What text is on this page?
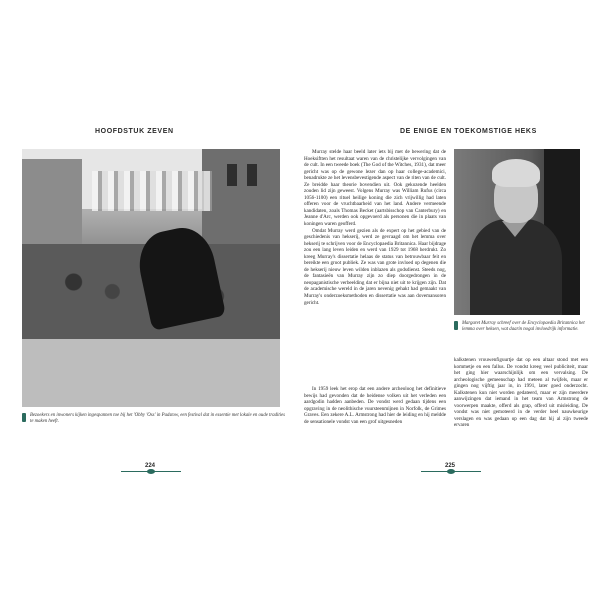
HOOFDSTUK ZEVEN
Bezoekers en inwoners kijken ingespannen toe bij het 'Obby 'Oss' in Padstow, een festival dat in essentie met lokale en oude tradities te maken heeft.
224
DE ENIGE EN TOEKOMSTIGE HEKS

Murray stelde haar beeld later iets bij met de bewering dat de Hoeksiftten het resultaat waren van de christelijke vervolgingen van de cult. In een tweede boek (The God of the Witches, 1931), dat meer gericht was op de gewone lezer dan op haar college-academici, benadrukte ze het levensbevestigende aspect van de riten van de cult. Ze breidde haar theorie bovendien uit. Ook gekozende heelden zouden lid zijn geweest. Volgens Murray was William Rufus (circa 1056-1100) een rituel heilige koning die zich vrijwillig had laten offeren voor de vruchtbaarheid van het land. Andere vermeende kandidaten, zoals Thomas Becket (aartsbisschop van Canterbury) en Jeanne d'Arc, werden ook opgevoerd als personen die in plaats van koningen waren geofferd.

Omdat Murray werd gezien als de expert op het gebied van de geschiedenis van hekserij, werd ze gevraagd om het lemma over hekserij te schrijven voor de Encyclopaedia Britannica. Haar bijdrage zou een lang leven leiden en werd van 1929 tot 1968 herdrukt. Zo kreeg Murray's dissertatie helaas de status van betrouwbaar feit en bereikte een groot publiek. Ze was van grote invloed op degenen die de hekserij nieuw leven wilden inblazen als godsdienst. Steeds nog, de fantasieën van Murray zijn zo diep doorgedrongen in de neopaganistische verbeelding dat er bijna niet uit te krijgen zijn. Dat de academische wereld in de jaren nevenig gehakt had gemaakt van Murray's onderzoeksmethoden en dissertatie was aan dovemansoren gericht.

In 1959 leek het erop dat een andere archeoloog het definitieve bewijs had gevonden dat de heidense volken uit het verleden een aardgodin hadden aanbeden. De vondst werd gedaan tijdens een opgraving in de neolithische vuursteenmijnen in Norfolk, de Grimes Graves. Een zekere A.L. Armstrong had hier de leiding en hij meldde de sensationele vondst van een grof uitgesneden

Margaret Murray schreef over de Encyclopaedia Britannica het lemma over heksen, wat daarin nogal invloedrijk informatie.

kalkstenen vrouwenfiguurtje dat op een altaar stond met een kommetje en een fallus. De vondst kreeg veel publiciteit, maar het ging hier waarschijnlijk om een vervalsing. De archeologische gemeenschap had meteen al twijfels, maar er gingen nog vijftig jaar in, in 1991, later goed onderzocht. Kalkstenen kun niet worden gedateerd, maar er zijn meerdere aanwijzingen dat iemand in het team van Armstrong de voorwerpen maakte, offerd als grap, offerd uit misleiding. De vondst was niet gemoteerd in de verder heel nauwkeurige verslagen en was gedaan op een dag dat hij al zijn tweede ervaren

225
